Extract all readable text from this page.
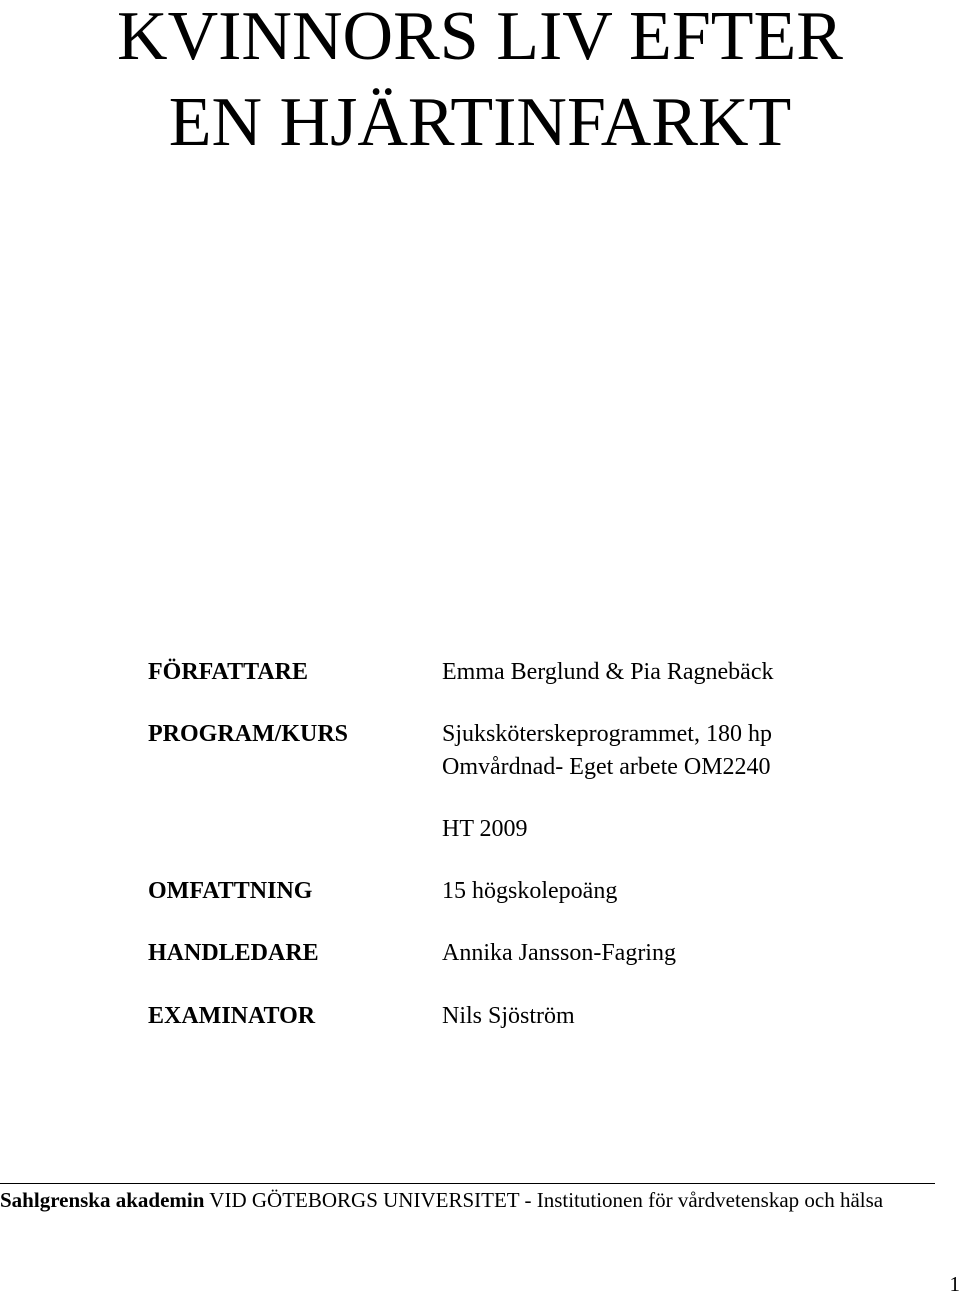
KVINNORS LIV EFTER
EN HJÄRTINFARKT
FÖRFATTARE	Emma Berglund & Pia Ragnebäck
PROGRAM/KURS	Sjuksköterskeprogrammet, 180 hp
Omvårdnad- Eget arbete OM2240
HT 2009
OMFATTNING	15 högskolepoäng
HANDLEDARE	Annika Jansson-Fagring
EXAMINATOR	Nils Sjöström
Sahlgrenska akademin VID GÖTEBORGS UNIVERSITET - Institutionen för vårdvetenskap och hälsa
1
